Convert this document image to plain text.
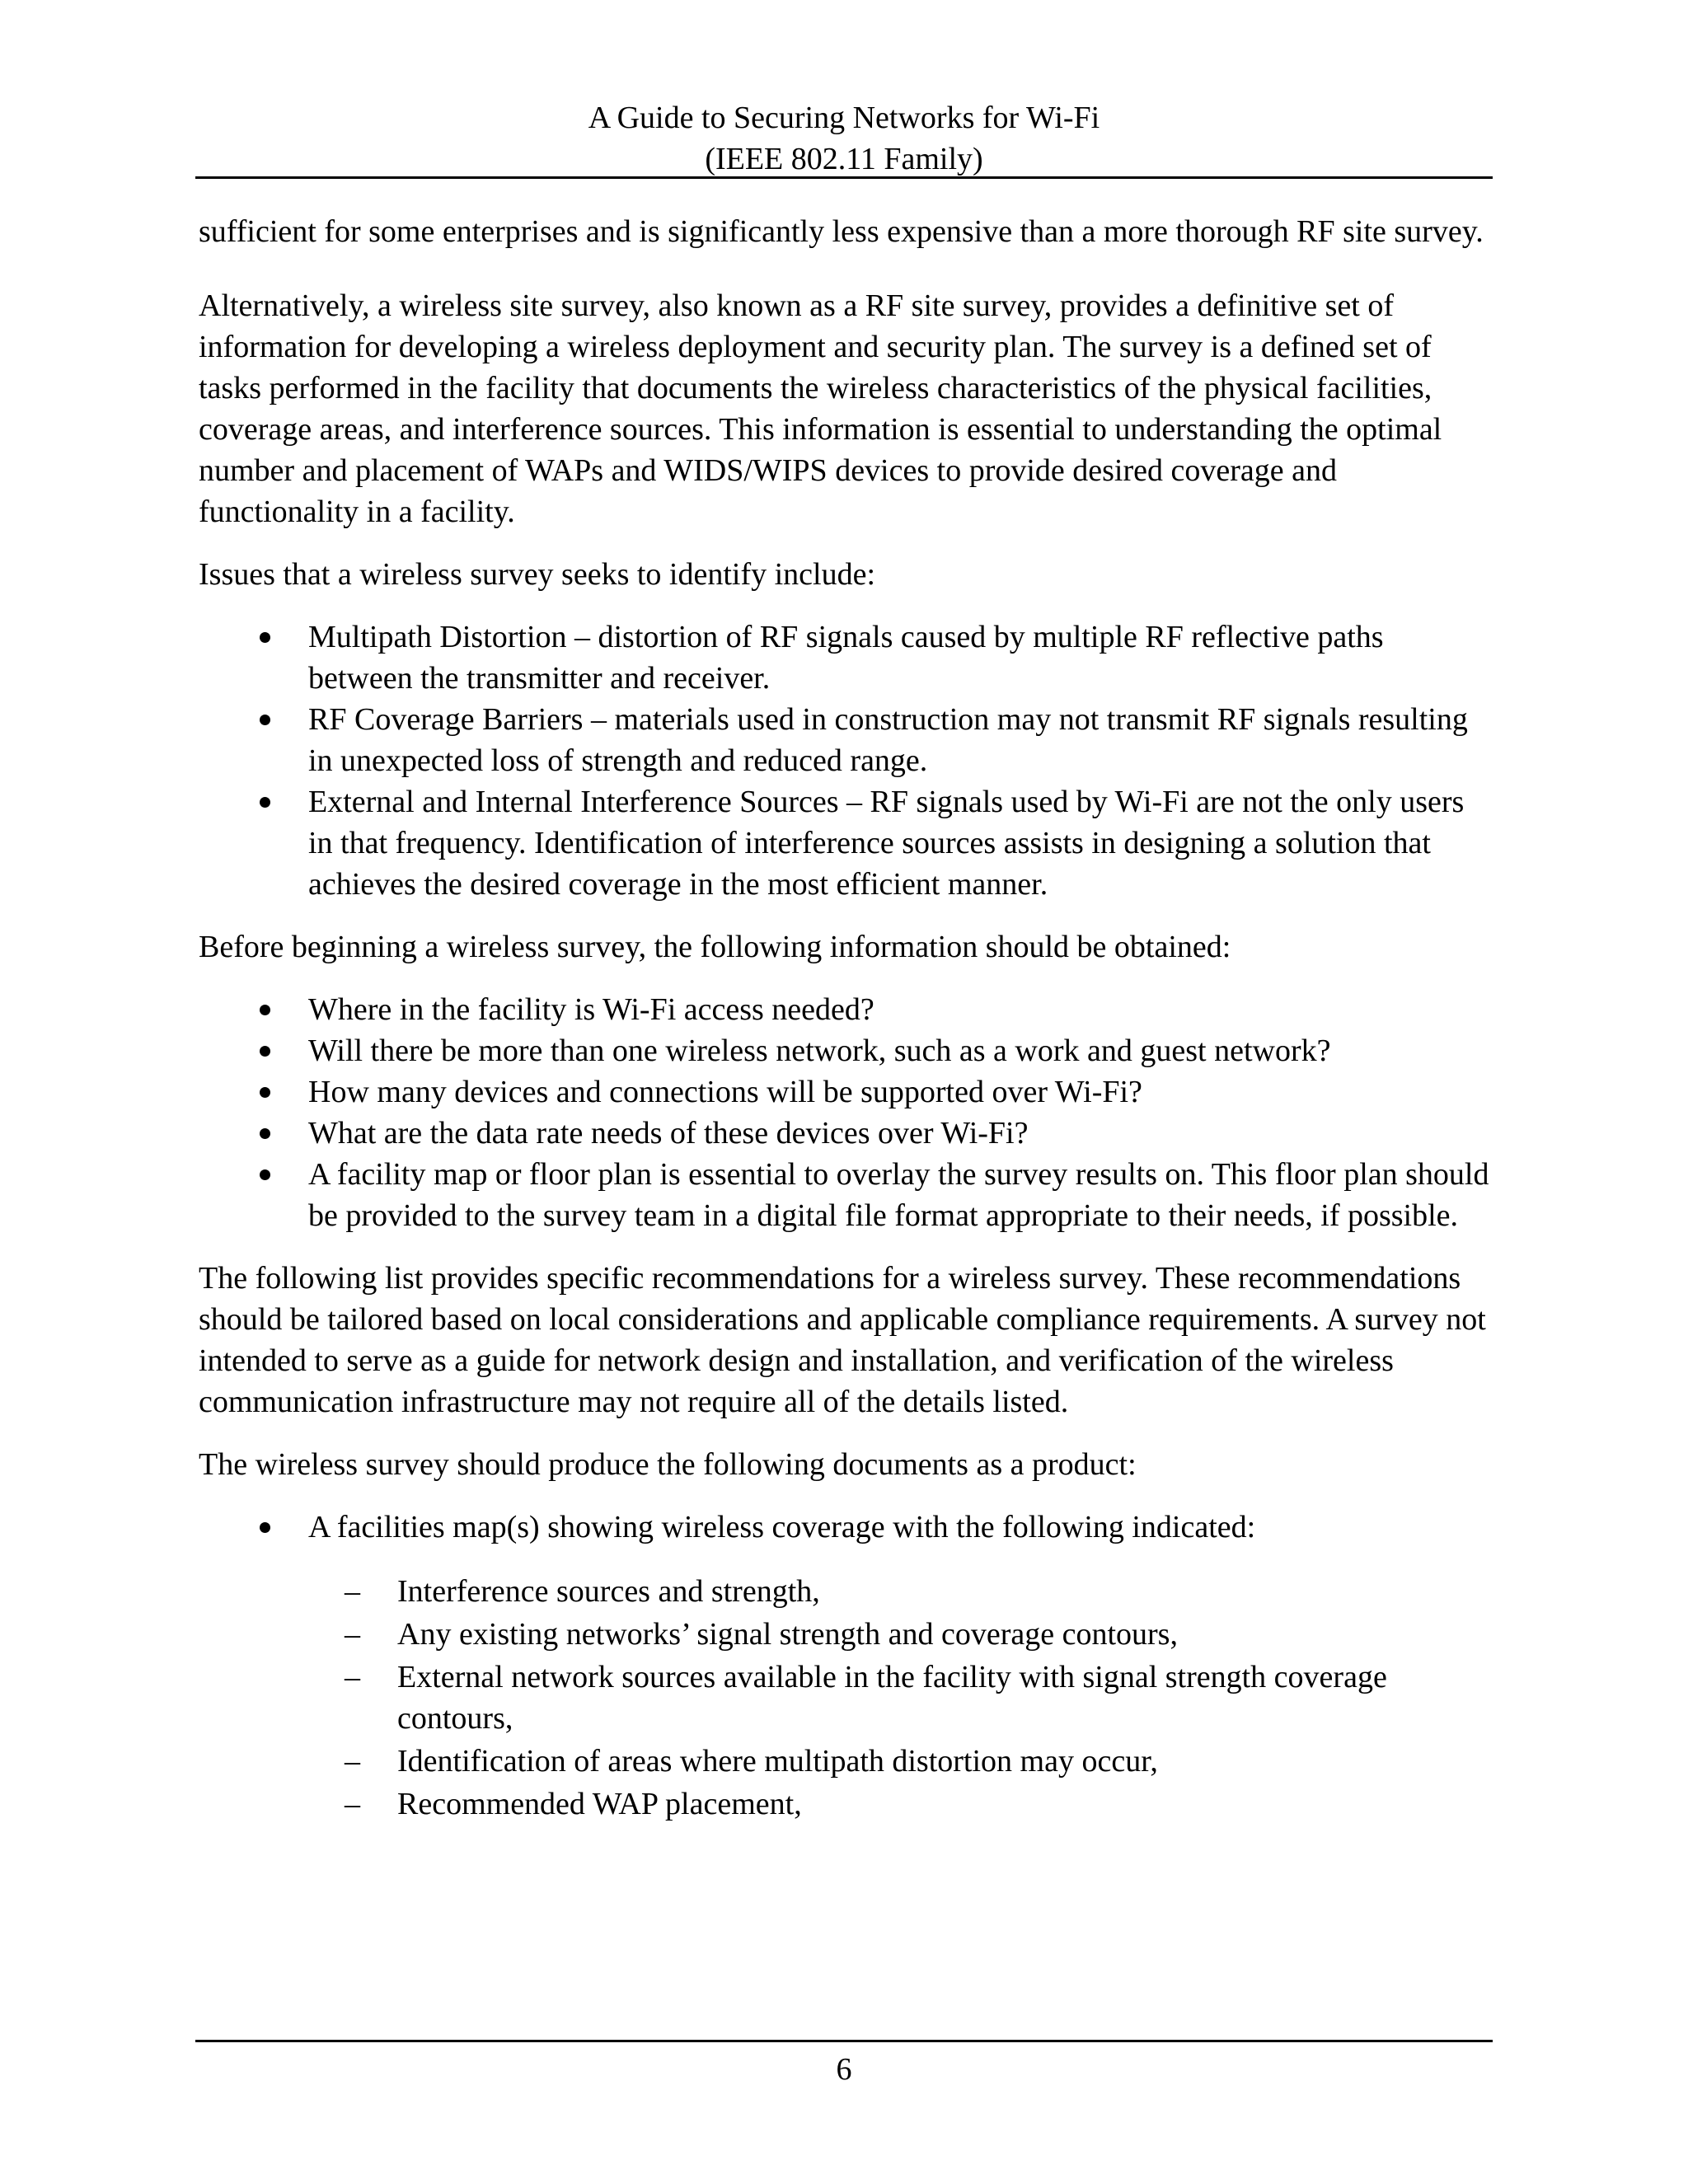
A Guide to Securing Networks for Wi-Fi
(IEEE 802.11 Family)

sufficient for some enterprises and is significantly less expensive than a more thorough RF site survey.

Alternatively, a wireless site survey, also known as a RF site survey, provides a definitive set of information for developing a wireless deployment and security plan. The survey is a defined set of tasks performed in the facility that documents the wireless characteristics of the physical facilities, coverage areas, and interference sources. This information is essential to understanding the optimal number and placement of WAPs and WIDS/WIPS devices to provide desired coverage and functionality in a facility.

Issues that a wireless survey seeks to identify include:

Multipath Distortion – distortion of RF signals caused by multiple RF reflective paths between the transmitter and receiver.
RF Coverage Barriers – materials used in construction may not transmit RF signals resulting in unexpected loss of strength and reduced range.
External and Internal Interference Sources – RF signals used by Wi-Fi are not the only users in that frequency. Identification of interference sources assists in designing a solution that achieves the desired coverage in the most efficient manner.

Before beginning a wireless survey, the following information should be obtained:

Where in the facility is Wi-Fi access needed?
Will there be more than one wireless network, such as a work and guest network?
How many devices and connections will be supported over Wi-Fi?
What are the data rate needs of these devices over Wi-Fi?
A facility map or floor plan is essential to overlay the survey results on. This floor plan should be provided to the survey team in a digital file format appropriate to their needs, if possible.

The following list provides specific recommendations for a wireless survey. These recommendations should be tailored based on local considerations and applicable compliance requirements. A survey not intended to serve as a guide for network design and installation, and verification of the wireless communication infrastructure may not require all of the details listed.

The wireless survey should produce the following documents as a product:

A facilities map(s) showing wireless coverage with the following indicated:
– Interference sources and strength,
– Any existing networks’ signal strength and coverage contours,
– External network sources available in the facility with signal strength coverage contours,
– Identification of areas where multipath distortion may occur,
– Recommended WAP placement,
6
